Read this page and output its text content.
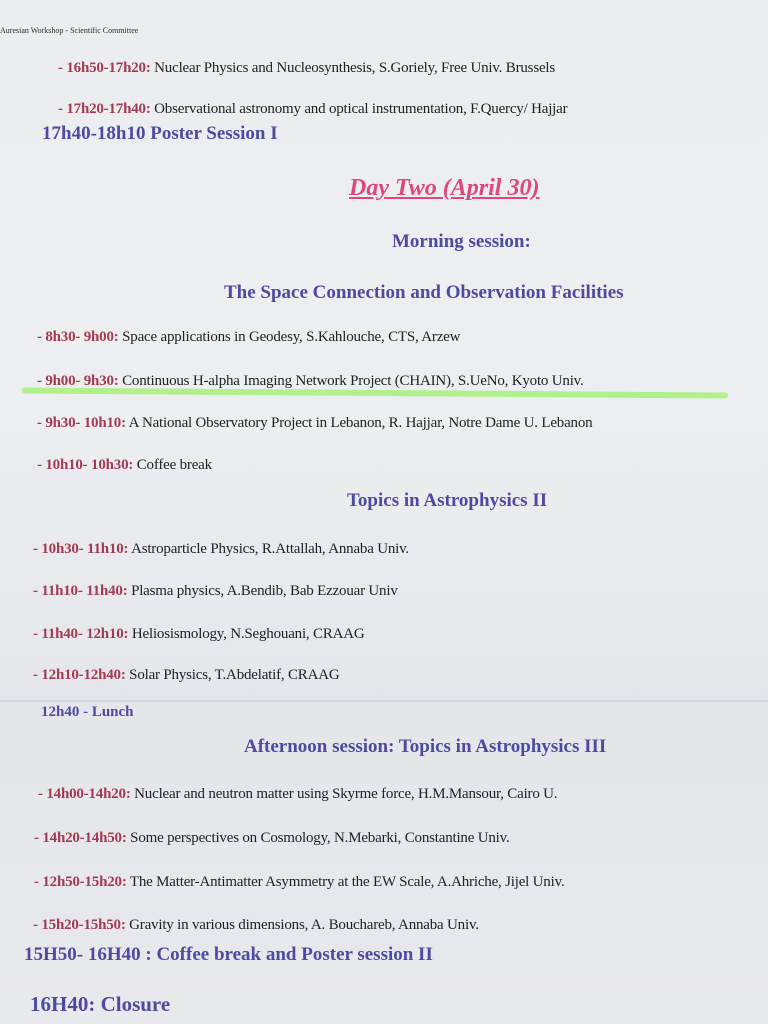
Auresian Workshop - Scientific Committee
- 16h50-17h20: Nuclear Physics and Nucleosynthesis, S.Goriely, Free Univ. Brussels
- 17h20-17h40: Observational astronomy and optical instrumentation, F.Quercy/ Hajjar
17h40-18h10 Poster Session I
Day Two (April 30)
Morning session:
The Space Connection and Observation Facilities
- 8h30- 9h00: Space applications in Geodesy, S.Kahlouche, CTS, Arzew
- 9h00- 9h30: Continuous H-alpha Imaging Network Project (CHAIN), S.UeNo, Kyoto Univ.
- 9h30- 10h10: A National Observatory Project in Lebanon, R. Hajjar, Notre Dame U. Lebanon
- 10h10- 10h30: Coffee break
Topics in Astrophysics II
- 10h30- 11h10: Astroparticle Physics, R.Attallah, Annaba Univ.
- 11h10- 11h40: Plasma physics, A.Bendib, Bab Ezzouar Univ
- 11h40- 12h10: Heliosismology, N.Seghouani, CRAAG
- 12h10-12h40: Solar Physics, T.Abdelatif, CRAAG
12h40 - Lunch
Afternoon session: Topics in Astrophysics III
- 14h00-14h20: Nuclear and neutron matter using Skyrme force, H.M.Mansour, Cairo U.
- 14h20-14h50: Some perspectives on Cosmology, N.Mebarki, Constantine Univ.
- 12h50-15h20: The Matter-Antimatter Asymmetry at the EW Scale, A.Ahriche, Jijel Univ.
- 15h20-15h50: Gravity in various dimensions, A. Bouchareb, Annaba Univ.
15H50- 16H40 : Coffee break and Poster session II
16H40: Closure
